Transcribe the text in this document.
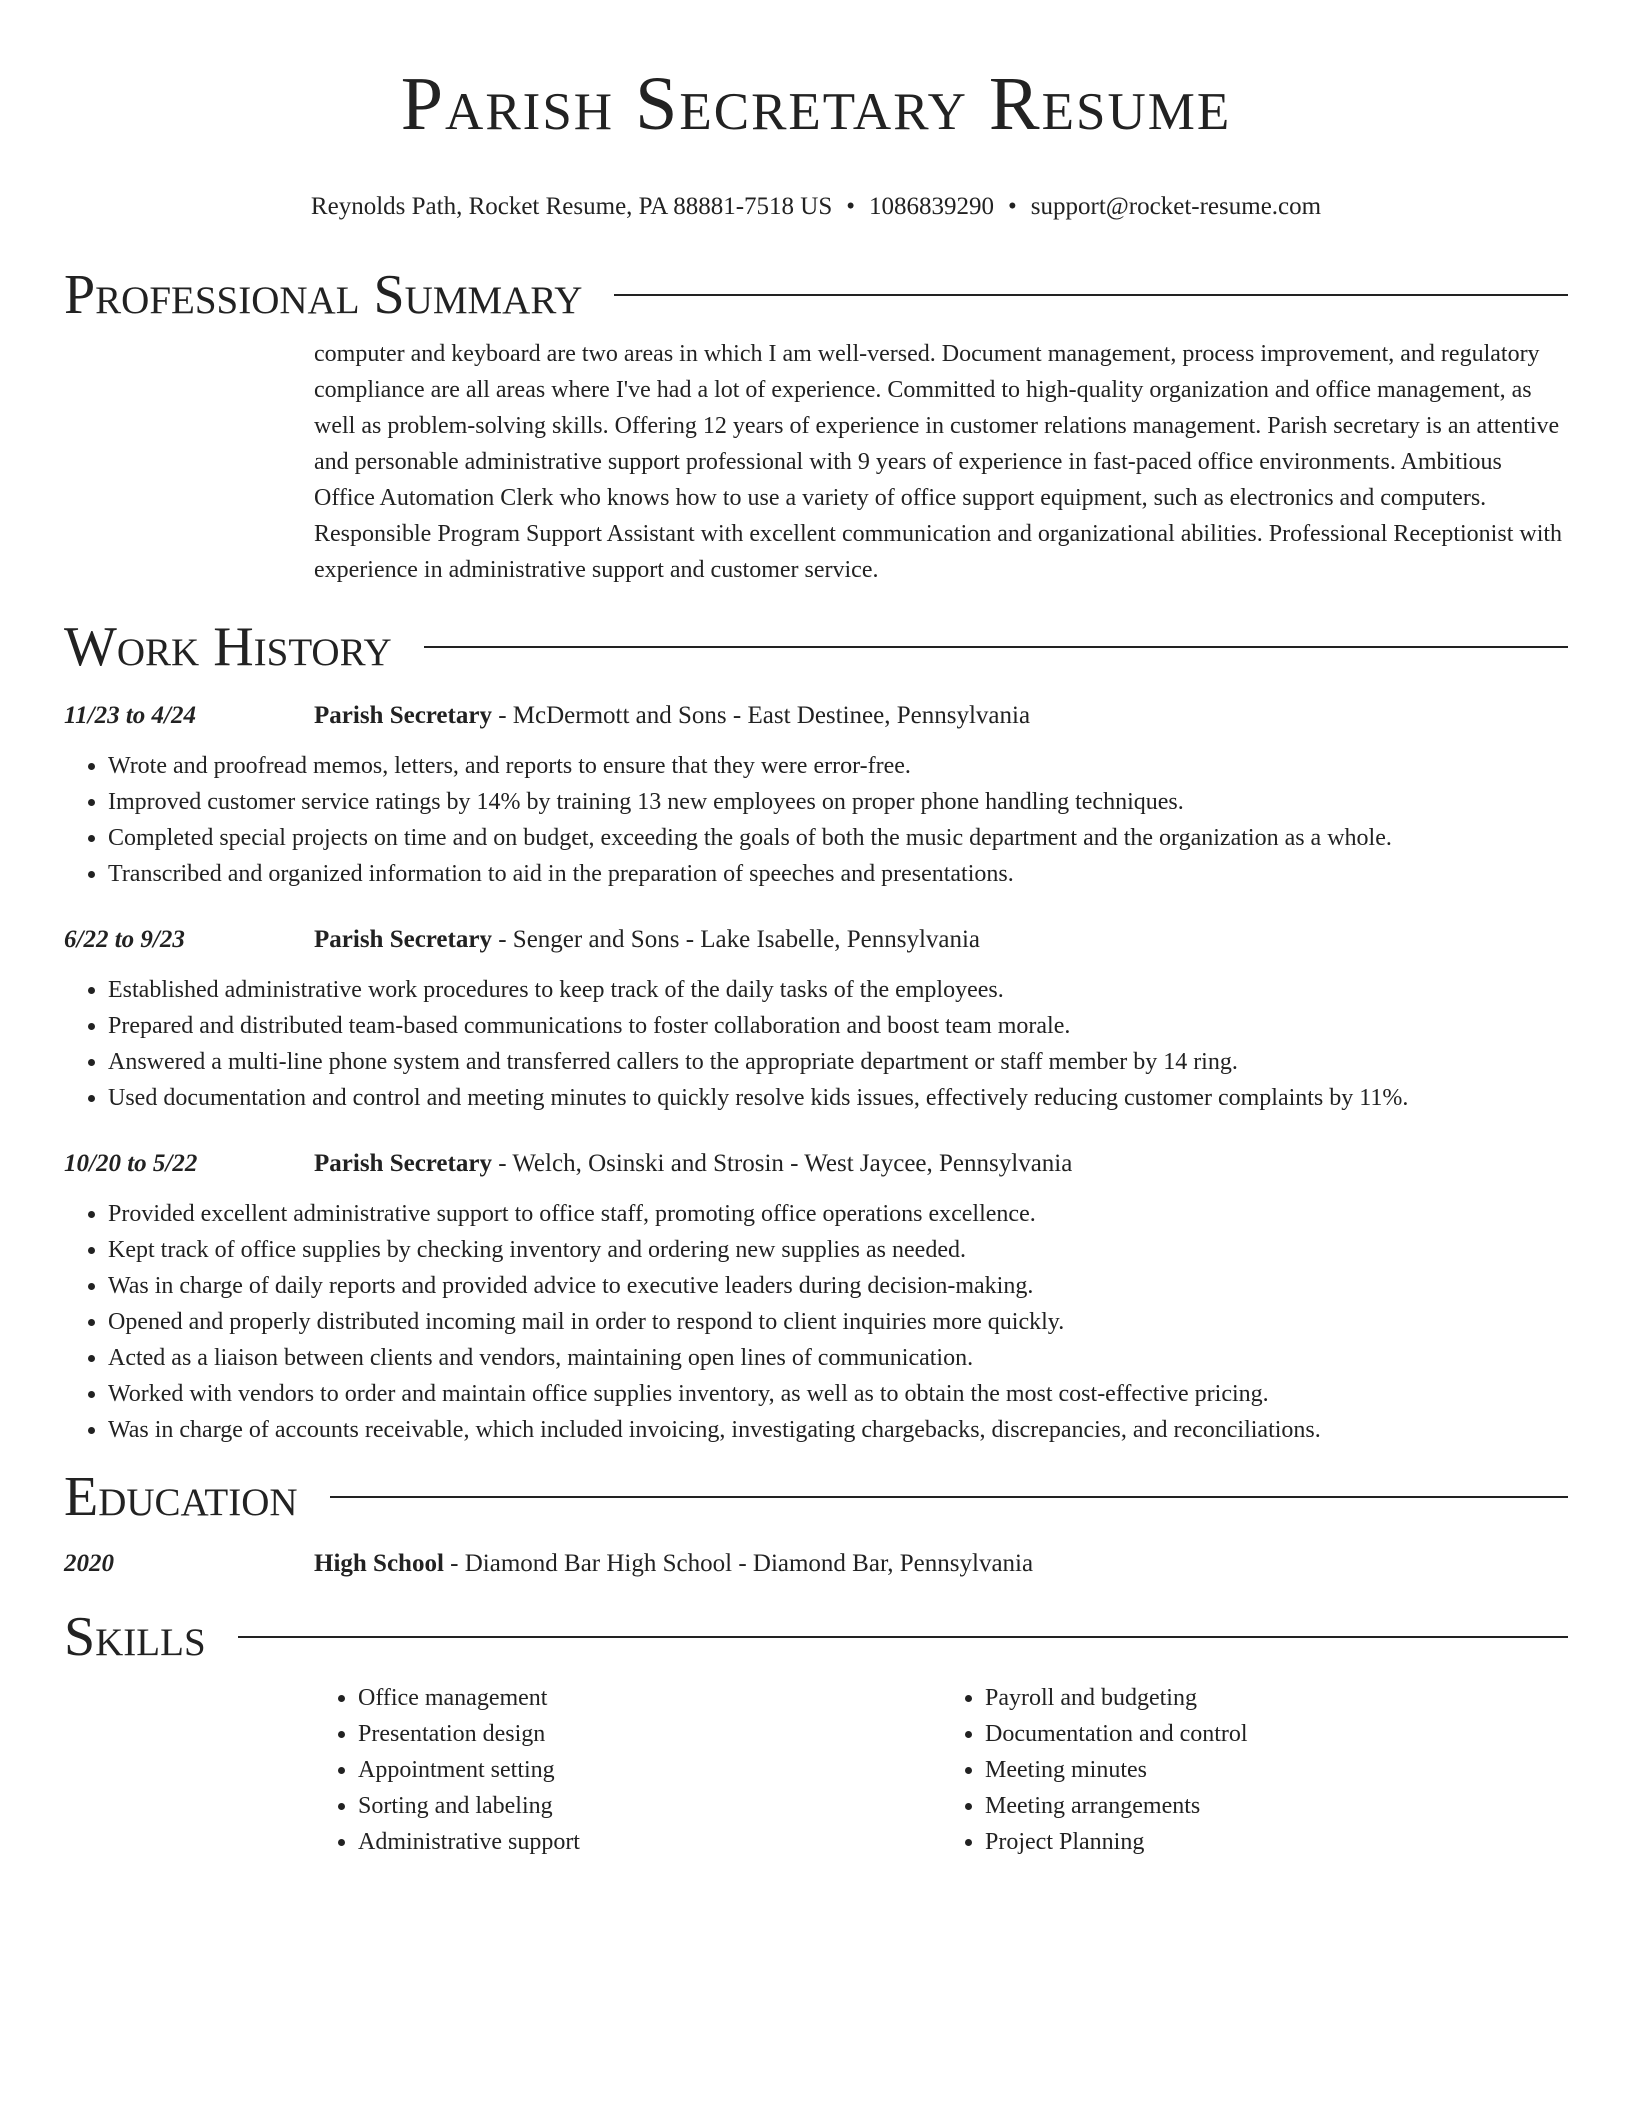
Parish Secretary Resume
Reynolds Path, Rocket Resume, PA 88881-7518 US • 1086839290 • support@rocket-resume.com
Professional Summary
computer and keyboard are two areas in which I am well-versed. Document management, process improvement, and regulatory compliance are all areas where I've had a lot of experience. Committed to high-quality organization and office management, as well as problem-solving skills. Offering 12 years of experience in customer relations management. Parish secretary is an attentive and personable administrative support professional with 9 years of experience in fast-paced office environments. Ambitious Office Automation Clerk who knows how to use a variety of office support equipment, such as electronics and computers. Responsible Program Support Assistant with excellent communication and organizational abilities. Professional Receptionist with experience in administrative support and customer service.
Work History
11/23 to 4/24	Parish Secretary - McDermott and Sons - East Destinee, Pennsylvania
• Wrote and proofread memos, letters, and reports to ensure that they were error-free.
• Improved customer service ratings by 14% by training 13 new employees on proper phone handling techniques.
• Completed special projects on time and on budget, exceeding the goals of both the music department and the organization as a whole.
• Transcribed and organized information to aid in the preparation of speeches and presentations.
6/22 to 9/23	Parish Secretary - Senger and Sons - Lake Isabelle, Pennsylvania
• Established administrative work procedures to keep track of the daily tasks of the employees.
• Prepared and distributed team-based communications to foster collaboration and boost team morale.
• Answered a multi-line phone system and transferred callers to the appropriate department or staff member by 14 ring.
• Used documentation and control and meeting minutes to quickly resolve kids issues, effectively reducing customer complaints by 11%.
10/20 to 5/22	Parish Secretary - Welch, Osinski and Strosin - West Jaycee, Pennsylvania
• Provided excellent administrative support to office staff, promoting office operations excellence.
• Kept track of office supplies by checking inventory and ordering new supplies as needed.
• Was in charge of daily reports and provided advice to executive leaders during decision-making.
• Opened and properly distributed incoming mail in order to respond to client inquiries more quickly.
• Acted as a liaison between clients and vendors, maintaining open lines of communication.
• Worked with vendors to order and maintain office supplies inventory, as well as to obtain the most cost-effective pricing.
• Was in charge of accounts receivable, which included invoicing, investigating chargebacks, discrepancies, and reconciliations.
Education
2020	High School - Diamond Bar High School - Diamond Bar, Pennsylvania
Skills
• Office management
• Presentation design
• Appointment setting
• Sorting and labeling
• Administrative support
• Payroll and budgeting
• Documentation and control
• Meeting minutes
• Meeting arrangements
• Project Planning
